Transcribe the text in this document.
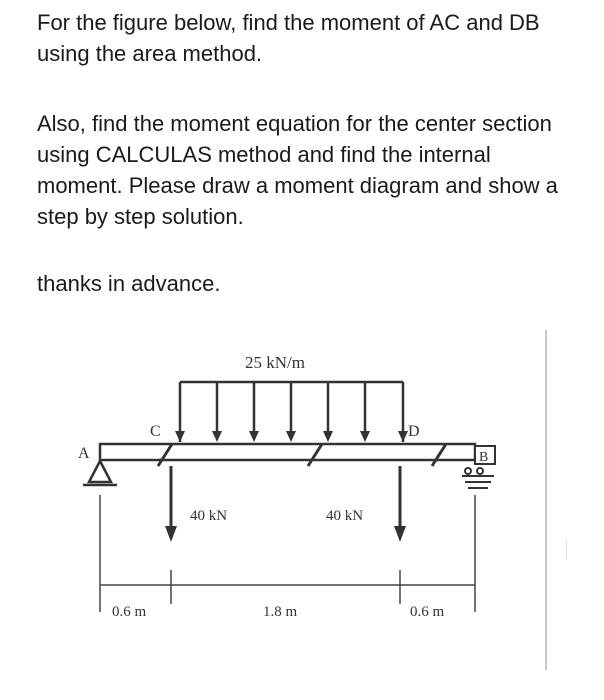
For the figure below, find the moment of AC and DB using the area method.

Also, find the moment equation for the center section using CALCULAS method and find the internal moment. Please draw a moment diagram and show a step by step solution.

thanks in advance.

25 kN/m
A
C	D
B
40 kN	40 kN
0.6 m	1.8 m	0.6 m
